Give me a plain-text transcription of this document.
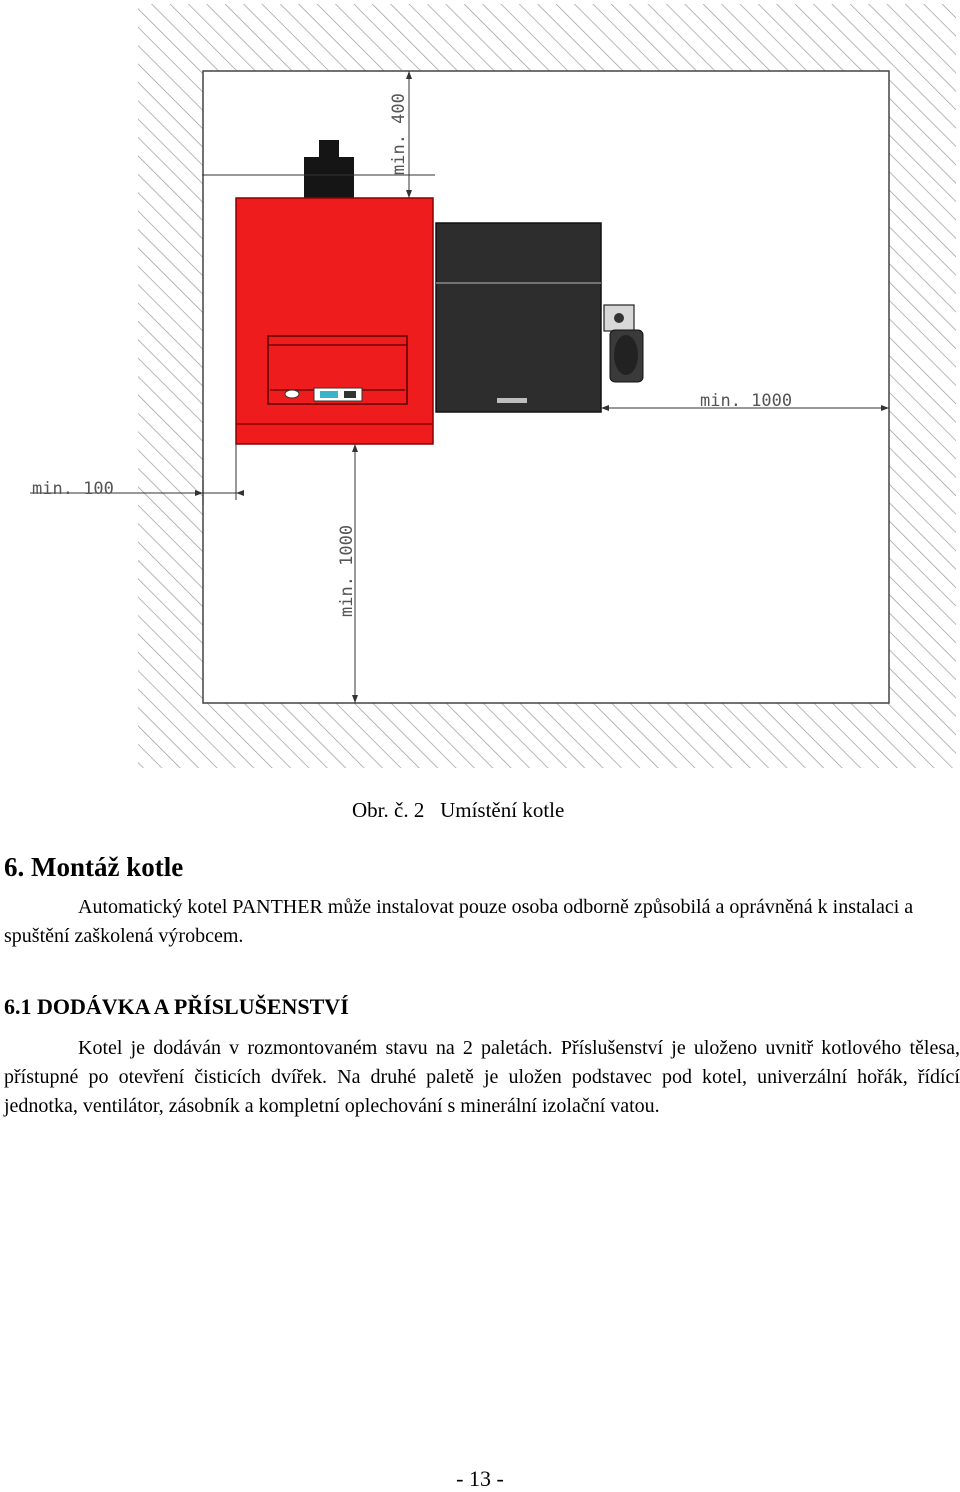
min. 400
min. 100
min. 1000
min. 1000
Obr. č. 2   Umístění kotle
6. Montáž kotle

Automatický kotel PANTHER může instalovat pouze osoba odborně způsobilá a oprávněná k instalaci a spuštění zaškolená výrobcem.

6.1 DODÁVKA A PŘÍSLUŠENSTVÍ

Kotel je dodáván v rozmontovaném stavu na 2 paletách. Příslušenství je uloženo uvnitř kotlového tělesa, přístupné po otevření čisticích dvířek. Na druhé paletě je uložen podstavec pod kotel, univerzální hořák, řídící jednotka, ventilátor, zásobník a kompletní oplechování s minerální izolační vatou.

- 13 -
